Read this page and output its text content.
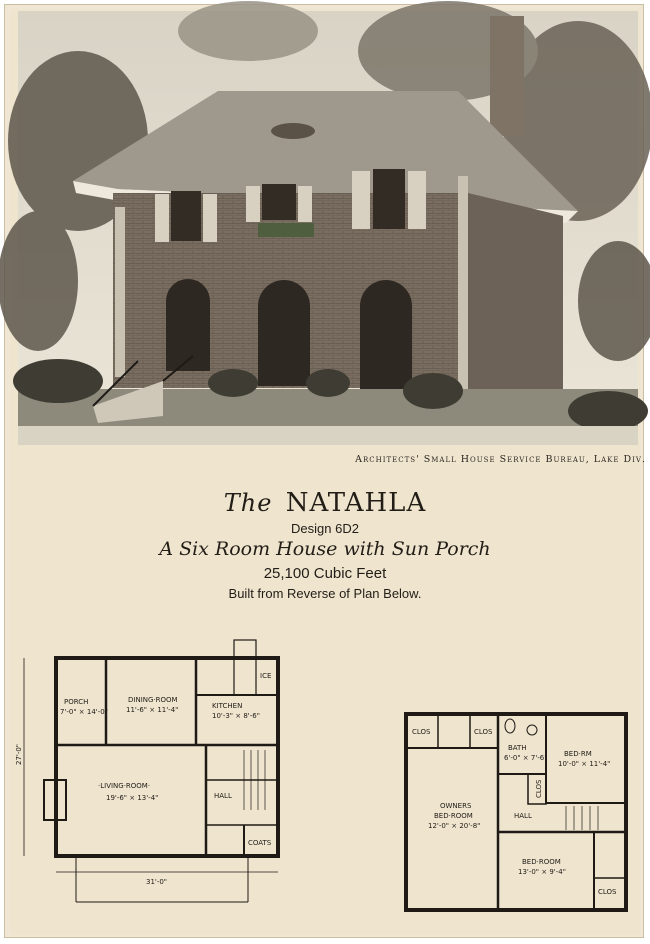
Architects' Small House Service Bureau, Lake Div.
The NATAHLA
Design 6D2
A Six Room House with Sun Porch
25,100 Cubic Feet
Built from Reverse of Plan Below.
PORCH
7'-0" × 14'-0"
DINING·ROOM
11'-6" × 11'-4"	KITCHEN
10'-3" × 8'-6"
ICE
·LIVING·ROOM·
19'-6" × 13'-4"	HALL
COATS
31'-0"
27'-0"
CLOS	CLOS
BATH
6'-0" × 7'-6" BED·RM
10'-0" × 11'-4"
OWNERS
BED·ROOM
12'-0" × 20'-8"
CLOS
HALL
BED·ROOM
13'-0" × 9'-4"
CLOS
